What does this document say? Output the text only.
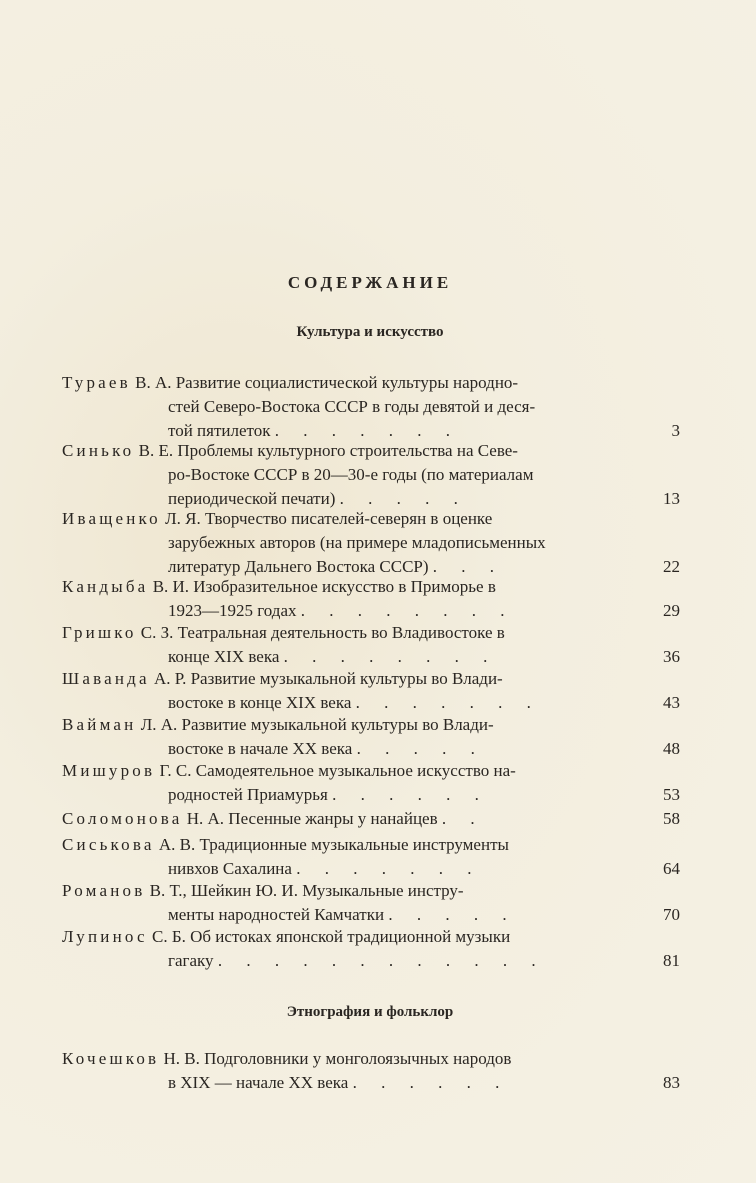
СОДЕРЖАНИЕ
Культура и искусство
Тураев В. А. Развитие социалистической культуры народно-
стей Северо-Востока СССР в годы девятой и деся-
той пятилеток . . . . . . .	3
Синько В. Е. Проблемы культурного строительства на Севе-
ро-Востоке СССР в 20—30-е годы (по материалам
периодической печати) . . . . .	13
Иващенко Л. Я. Творчество писателей-северян в оценке
зарубежных авторов (на примере младописьменных
литератур Дальнего Востока СССР) . . .	22
Кандыба В. И. Изобразительное искусство в Приморье в
1923—1925 годах . . . . . . . .	29
Гришко С. З. Театральная деятельность во Владивостоке в
конце XIX века . . . . . . . .	36
Шаванда А. Р. Развитие музыкальной культуры во Влади-
востоке в конце XIX века . . . . . . .	43
Вайман Л. А. Развитие музыкальной культуры во Влади-
востоке в начале XX века . . . . .	48
Мишуров Г. С. Самодеятельное музыкальное искусство на-
родностей Приамурья . . . . . .	53
Соломонова Н. А. Песенные жанры у нанайцев . .	58
Сиськова А. В. Традиционные музыкальные инструменты
нивхов Сахалина . . . . . . .	64
Романов В. Т., Шейкин Ю. И. Музыкальные инстру-
менты народностей Камчатки . . . . .	70
Лупинос С. Б. Об истоках японской традиционной музыки
гагаку . . . . . . . . . . . .	81
Этнография и фольклор
Кочешков Н. В. Подголовники у монголоязычных народов
в XIX — начале XX века . . . . . .	83
